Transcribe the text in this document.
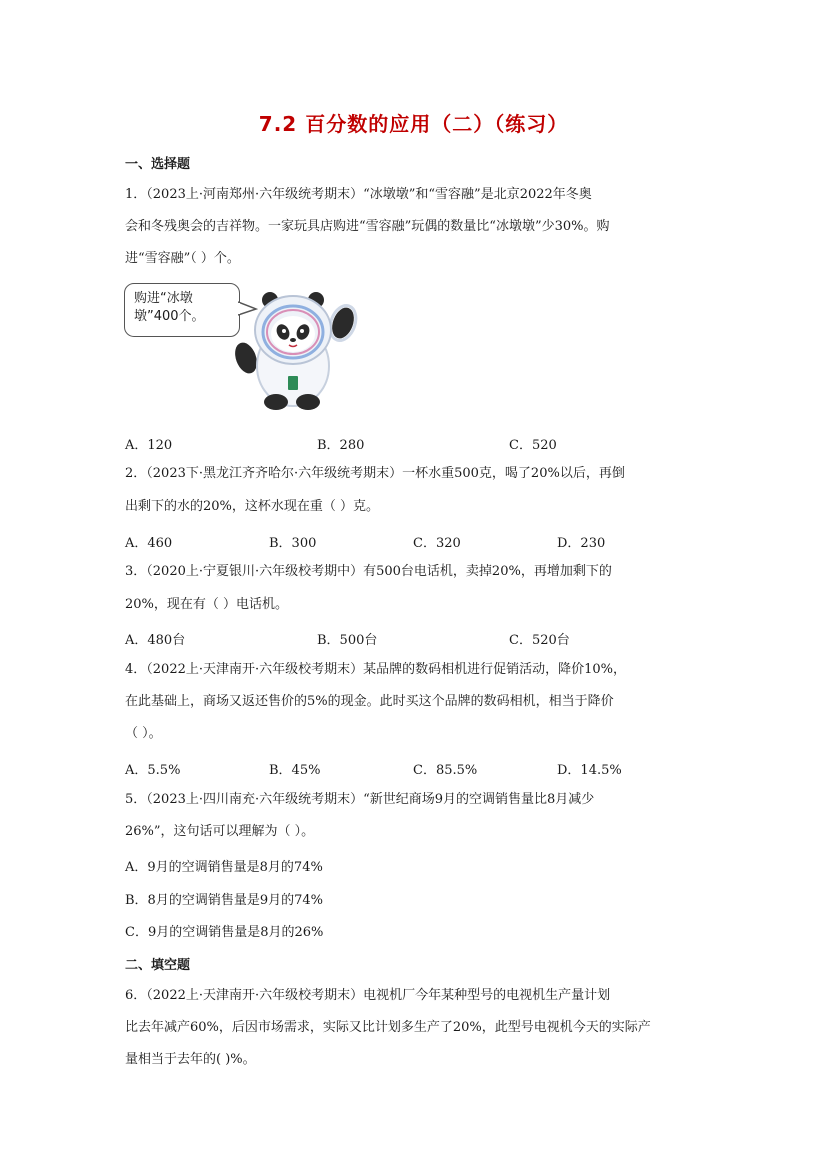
7.2 百分数的应用（二）（练习）
一、选择题
1．（2023上·河南郑州·六年级统考期末）“冰墩墩”和“雪容融”是北京2022年冬奥
会和冬残奥会的吉祥物。一家玩具店购进“雪容融”玩偶的数量比“冰墩墩”少30%。购
进“雪容融”（ ）个。
购进“冰墩
墩”400个。
A．120	B．280	C．520
2．（2023下·黑龙江齐齐哈尔·六年级统考期末）一杯水重500克，喝了20%以后，再倒
出剩下的水的20%，这杯水现在重（ ）克。
A．460	B．300	C．320	D．230
3．（2020上·宁夏银川·六年级校考期中）有500台电话机，卖掉20%，再增加剩下的
20%，现在有（ ）电话机。
A．480台	B．500台	C．520台
4．（2022上·天津南开·六年级校考期末）某品牌的数码相机进行促销活动，降价10%，
在此基础上，商场又返还售价的5%的现金。此时买这个品牌的数码相机，相当于降价
（ ）。
A．5.5%	B．45%	C．85.5%	D．14.5%
5．（2023上·四川南充·六年级统考期末）“新世纪商场9月的空调销售量比8月减少
26%”，这句话可以理解为（ ）。
A．9月的空调销售量是8月的74%
B．8月的空调销售量是9月的74%
C．9月的空调销售量是8月的26%
二、填空题
6．（2022上·天津南开·六年级校考期末）电视机厂今年某种型号的电视机生产量计划
比去年减产60%，后因市场需求，实际又比计划多生产了20%，此型号电视机今天的实际产
量相当于去年的( )%。
